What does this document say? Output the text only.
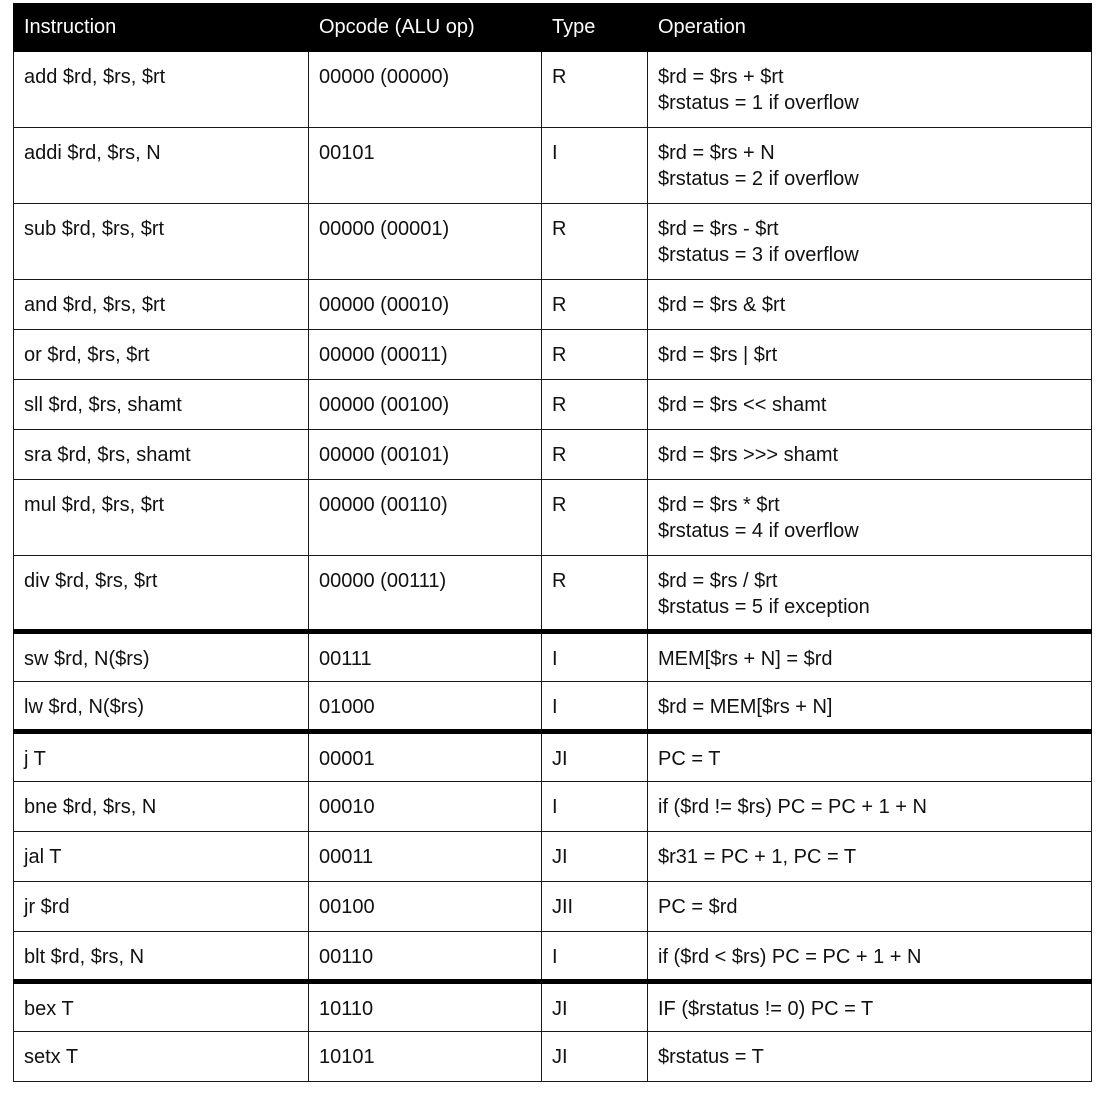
Instruction	Opcode (ALU op)	Type	Operation
add $rd, $rs, $rt	00000 (00000)	R	$rd = $rs + $rt
$rstatus = 1 if overflow

addi $rd, $rs, N	00101	I	$rd = $rs + N
$rstatus = 2 if overflow

sub $rd, $rs, $rt	00000 (00001)	R	$rd = $rs - $rt
$rstatus = 3 if overflow

and $rd, $rs, $rt	00000 (00010)	R	$rd = $rs & $rt

or $rd, $rs, $rt	00000 (00011)	R	$rd = $rs | $rt

sll $rd, $rs, shamt	00000 (00100)	R	$rd = $rs << shamt

sra $rd, $rs, shamt	00000 (00101)	R	$rd = $rs >>> shamt

mul $rd, $rs, $rt	00000 (00110)	R	$rd = $rs * $rt
$rstatus = 4 if overflow

div $rd, $rs, $rt	00000 (00111)	R	$rd = $rs / $rt
$rstatus = 5 if exception

sw $rd, N($rs)	00111	I	MEM[$rs + N] = $rd

lw $rd, N($rs)	01000	I	$rd = MEM[$rs + N]

j T	00001	JI	PC = T

bne $rd, $rs, N	00010	I	if ($rd != $rs) PC = PC + 1 + N

jal T	00011	JI	$r31 = PC + 1, PC = T

jr $rd	00100	JII	PC = $rd

blt $rd, $rs, N	00110	I	if ($rd < $rs) PC = PC + 1 + N

bex T	10110	JI	IF ($rstatus != 0) PC = T

setx T	10101	JI	$rstatus = T
